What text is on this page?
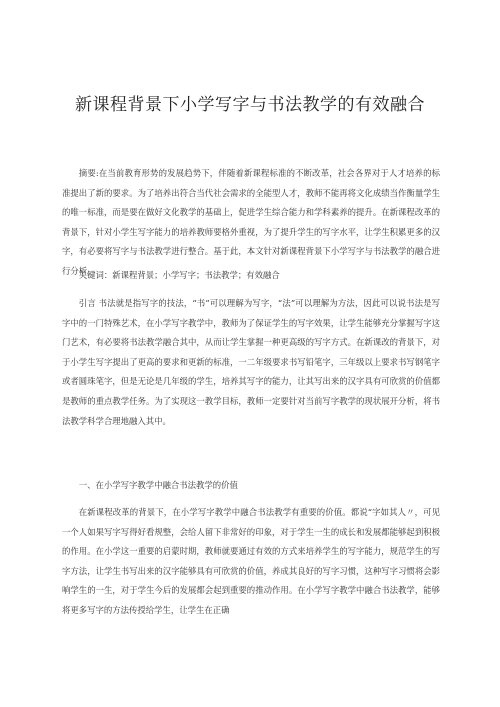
新课程背景下小学写字与书法教学的有效融合

摘要:在当前教育形势的发展趋势下，伴随着新课程标准的不断改革，社会各界对于人才培养的标准提出了新的要求。为了培养出符合当代社会需求的全能型人才，教师不能再将文化成绩当作衡量学生的唯一标准，而是要在做好文化教学的基础上，促进学生综合能力和学科素养的提升。在新课程改革的背景下，针对小学生写字能力的培养教师要格外重视，为了提升学生的写字水平，让学生积累更多的汉字，有必要将写字与书法教学进行整合。基于此，本文针对新课程背景下小学写字与书法教学的融合进行分析。

关键词：新课程背景；小学写字；书法教学；有效融合

引言 书法就是指写字的技法，“书”可以理解为写字，“法”可以理解为方法，因此可以说书法是写字中的一门特殊艺术，在小学写字教学中，教师为了保证学生的写字效果，让学生能够充分掌握写字这门艺术，有必要将书法教学融合其中，从而让学生掌握一种更高级的写字方式。在新课改的背景下，对于小学生写字提出了更高的要求和更新的标准，一二年级要求书写铅笔字，三年级以上要求书写钢笔字或者圆珠笔字，但是无论是几年级的学生，培养其写字的能力，让其写出来的汉字具有可欣赏的价值都是教师的重点教学任务。为了实现这一教学目标，教师一定要针对当前写字教学的现状展开分析，将书法教学科学合理地融入其中。

一、在小学写字教学中融合书法教学的价值

在新课程改革的背景下，在小学写字教学中融合书法教学有重要的价值。都说“字如其人〃，可见一个人如果写字写得好看规整，会给人留下非常好的印象，对于学生一生的成长和发展都能够起到积极的作用。在小学这一重要的启蒙时期，教师就要通过有效的方式来培养学生的写字能力，规范学生的写字方法，让学生书写出来的汉字能够具有可欣赏的价值，养成其良好的写字习惯，这种写字习惯将会影响学生的一生，对于学生今后的发展都会起到重要的推动作用。在小学写字教学中融合书法教学，能够将更多写字的方法传授给学生，让学生在正确
